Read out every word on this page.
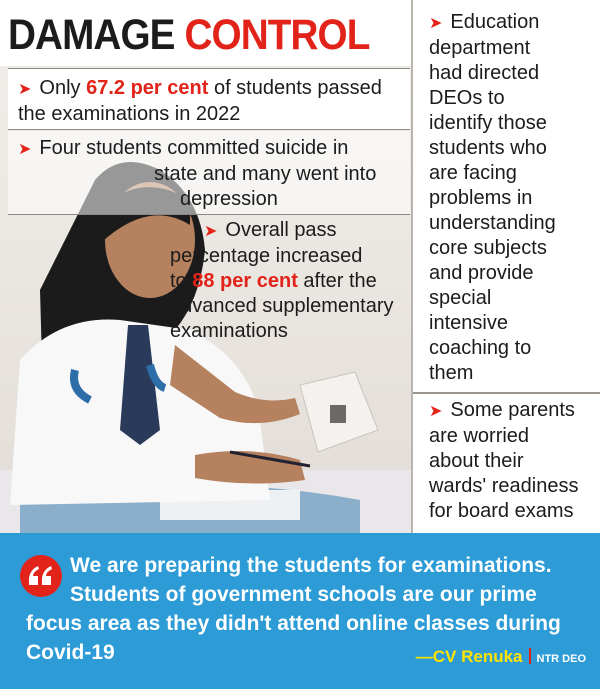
DAMAGE CONTROL
➤ Only 67.2 per cent of students passed the examinations in 2022
➤ Four students committed suicide in
state and many went into
depression
➤ Overall pass
percentage increased
to 88 per cent after the
advanced supplementary
examinations
➤ Education
department
had directed
DEOs to
identify those
students who
are facing
problems in
understanding
core subjects
and provide
special
intensive
coaching to
them
➤ Some parents
are worried
about their
wards' readiness
for board exams
We are preparing the students for examinations.
Students of government schools are our prime
focus area as they didn't attend online classes during
Covid-19	—CV Renuka NTR DEO
